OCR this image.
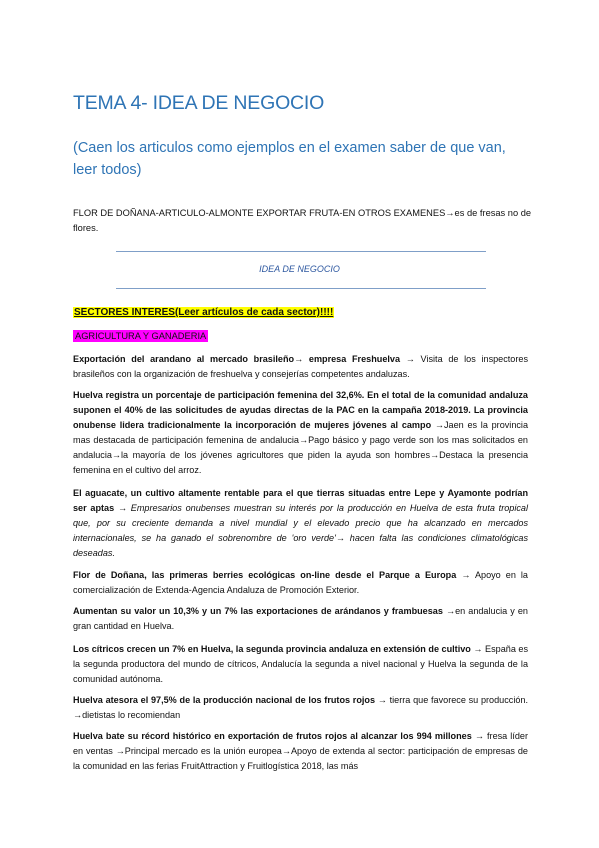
TEMA 4- IDEA DE NEGOCIO
(Caen los articulos como ejemplos en el examen saber de que van, leer todos)
FLOR DE DOÑANA-ARTICULO-ALMONTE EXPORTAR FRUTA-EN OTROS EXAMENES→es de fresas no de flores.
IDEA DE NEGOCIO
SECTORES INTERES(Leer artículos de cada sector)!!!!
AGRICULTURA Y GANADERIA
Exportación del arandano al mercado brasileño→ empresa Freshuelva → Visita de los inspectores brasileños con la organización de freshuelva y consejerías competentes andaluzas.
Huelva registra un porcentaje de participación femenina del 32,6%. En el total de la comunidad andaluza suponen el 40% de las solicitudes de ayudas directas de la PAC en la campaña 2018-2019. La provincia onubense lidera tradicionalmente la incorporación de mujeres jóvenes al campo →Jaen es la provincia mas destacada de participación femenina de andalucia→Pago básico y pago verde son los mas solicitados en andalucia→la mayoría de los jóvenes agricultores que piden la ayuda son hombres→Destaca la presencia femenina en el cultivo del arroz.
El aguacate, un cultivo altamente rentable para el que tierras situadas entre Lepe y Ayamonte podrían ser aptas → Empresarios onubenses muestran su interés por la producción en Huelva de esta fruta tropical que, por su creciente demanda a nivel mundial y el elevado precio que ha alcanzado en mercados internacionales, se ha ganado el sobrenombre de 'oro verde'→ hacen falta las condiciones climatológicas deseadas.
Flor de Doñana, las primeras berries ecológicas on-line desde el Parque a Europa → Apoyo en la comercialización de Extenda-Agencia Andaluza de Promoción Exterior.
Aumentan su valor un 10,3% y un 7% las exportaciones de arándanos y frambuesas →en andalucia y en gran cantidad en Huelva.
Los cítricos crecen un 7% en Huelva, la segunda provincia andaluza en extensión de cultivo → España es la segunda productora del mundo de cítricos, Andalucía la segunda a nivel nacional y Huelva la segunda de la comunidad autónoma.
Huelva atesora el 97,5% de la producción nacional de los frutos rojos → tierra que favorece su producción. →dietistas lo recomiendan
Huelva bate su récord histórico en exportación de frutos rojos al alcanzar los 994 millones → fresa líder en ventas →Principal mercado es la unión europea→Apoyo de extenda al sector: participación de empresas de la comunidad en las ferias FruitAttraction y Fruitlogística 2018, las más
